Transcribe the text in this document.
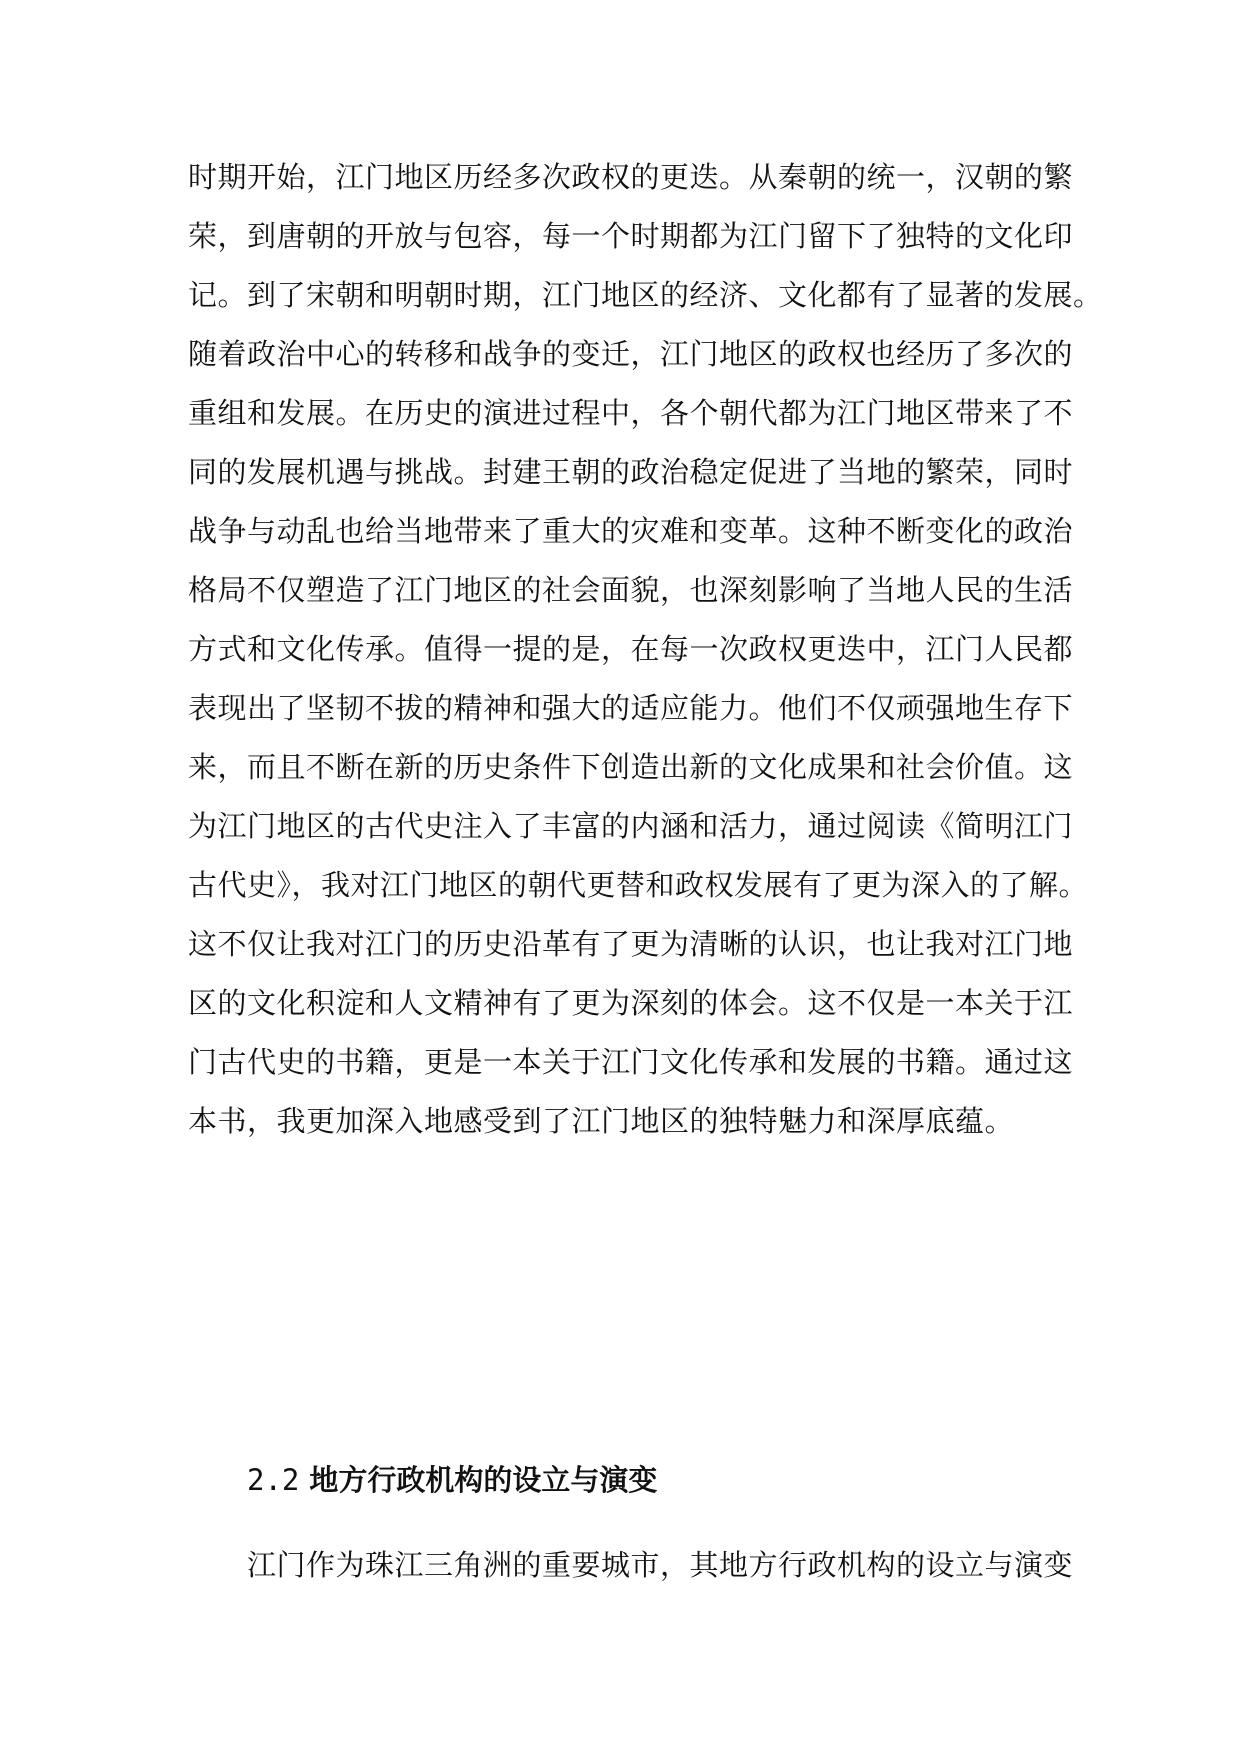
时期开始，江门地区历经多次政权的更迭。从秦朝的统一，汉朝的繁
荣，到唐朝的开放与包容，每一个时期都为江门留下了独特的文化印
记。到了宋朝和明朝时期，江门地区的经济、文化都有了显著的发展。
随着政治中心的转移和战争的变迁，江门地区的政权也经历了多次的
重组和发展。在历史的演进过程中，各个朝代都为江门地区带来了不
同的发展机遇与挑战。封建王朝的政治稳定促进了当地的繁荣，同时
战争与动乱也给当地带来了重大的灾难和变革。这种不断变化的政治
格局不仅塑造了江门地区的社会面貌，也深刻影响了当地人民的生活
方式和文化传承。值得一提的是，在每一次政权更迭中，江门人民都
表现出了坚韧不拔的精神和强大的适应能力。他们不仅顽强地生存下
来，而且不断在新的历史条件下创造出新的文化成果和社会价值。这
为江门地区的古代史注入了丰富的内涵和活力，通过阅读《简明江门
古代史》，我对江门地区的朝代更替和政权发展有了更为深入的了解。
这不仅让我对江门的历史沿革有了更为清晰的认识，也让我对江门地
区的文化积淀和人文精神有了更为深刻的体会。这不仅是一本关于江
门古代史的书籍，更是一本关于江门文化传承和发展的书籍。通过这
本书，我更加深入地感受到了江门地区的独特魅力和深厚底蕴。
2.2 地方行政机构的设立与演变
江门作为珠江三角洲的重要城市，其地方行政机构的设立与演变
